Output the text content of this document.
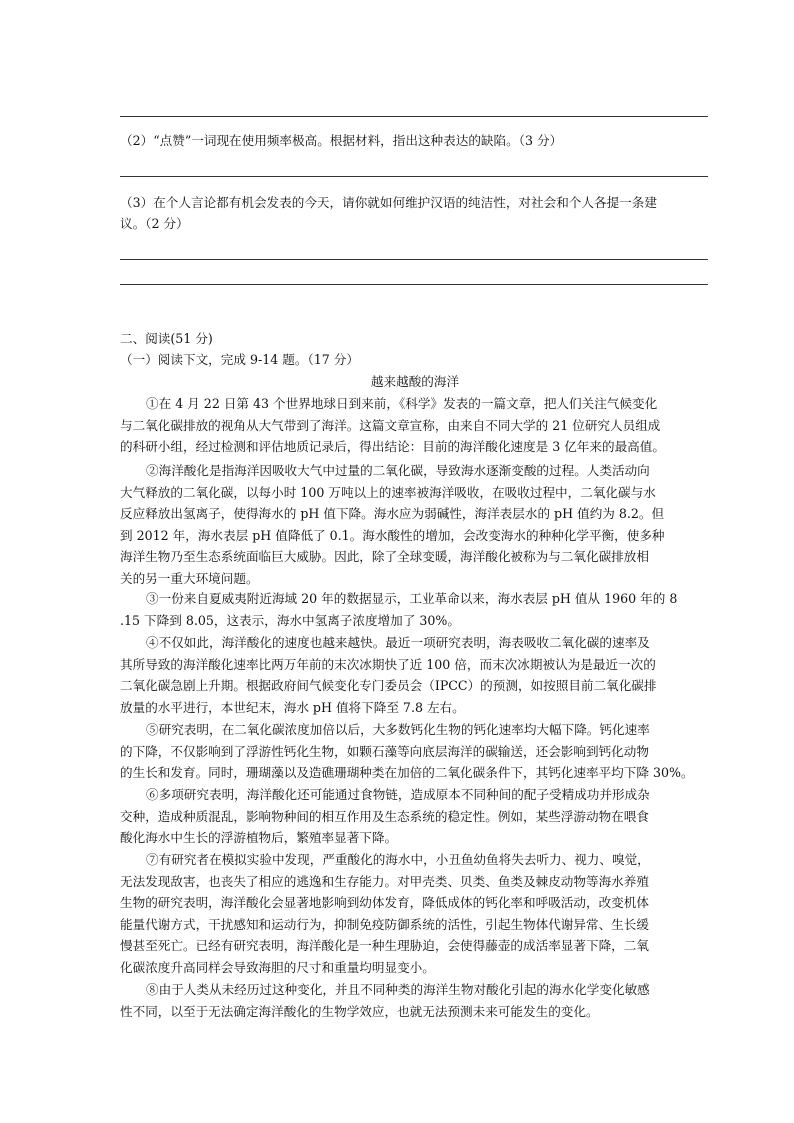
（2）“点赞”一词现在使用频率极高。根据材料，指出这种表达的缺陷。（3 分）
（3）在个人言论都有机会发表的今天，请你就如何维护汉语的纯洁性，对社会和个人各提一条建
议。（2 分）
二、阅读(51 分)
（一）阅读下文，完成 9-14 题。（17 分）
越来越酸的海洋
①在 4 月 22 日第 43 个世界地球日到来前，《科学》发表的一篇文章，把人们关注气候变化
与二氧化碳排放的视角从大气带到了海洋。这篇文章宣称，由来自不同大学的 21 位研究人员组成
的科研小组，经过检测和评估地质记录后，得出结论：目前的海洋酸化速度是 3 亿年来的最高值。
②海洋酸化是指海洋因吸收大气中过量的二氧化碳，导致海水逐渐变酸的过程。人类活动向
大气释放的二氧化碳，以每小时 100 万吨以上的速率被海洋吸收，在吸收过程中，二氧化碳与水
反应释放出氢离子，使得海水的 pH 值下降。海水应为弱碱性，海洋表层水的 pH 值约为 8.2。但
到 2012 年，海水表层 pH 值降低了 0.1。海水酸性的增加，会改变海水的种种化学平衡，使多种
海洋生物乃至生态系统面临巨大威胁。因此，除了全球变暖，海洋酸化被称为与二氧化碳排放相
关的另一重大环境问题。
③一份来自夏威夷附近海域 20 年的数据显示，工业革命以来，海水表层 pH 值从 1960 年的 8
.15 下降到 8.05，这表示，海水中氢离子浓度增加了 30%。
④不仅如此，海洋酸化的速度也越来越快。最近一项研究表明，海表吸收二氧化碳的速率及
其所导致的海洋酸化速率比两万年前的末次冰期快了近 100 倍，而末次冰期被认为是最近一次的
二氧化碳急剧上升期。根据政府间气候变化专门委员会（IPCC）的预测，如按照目前二氧化碳排
放量的水平进行，本世纪末，海水 pH 值将下降至 7.8 左右。
⑤研究表明，在二氧化碳浓度加倍以后，大多数钙化生物的钙化速率均大幅下降。钙化速率
的下降，不仅影响到了浮游性钙化生物，如颗石藻等向底层海洋的碳输送，还会影响到钙化动物
的生长和发育。同时，珊瑚藻以及造礁珊瑚种类在加倍的二氧化碳条件下，其钙化速率平均下降 30%。
⑥多项研究表明，海洋酸化还可能通过食物链，造成原本不同种间的配子受精成功并形成杂
交种，造成种质混乱，影响物种间的相互作用及生态系统的稳定性。例如，某些浮游动物在喂食
酸化海水中生长的浮游植物后，繁殖率显著下降。
⑦有研究者在模拟实验中发现，严重酸化的海水中，小丑鱼幼鱼将失去听力、视力、嗅觉，
无法发现敌害，也丧失了相应的逃逸和生存能力。对甲壳类、贝类、鱼类及棘皮动物等海水养殖
生物的研究表明，海洋酸化会显著地影响到幼体发育，降低成体的钙化率和呼吸活动，改变机体
能量代谢方式，干扰感知和运动行为，抑制免疫防御系统的活性，引起生物体代谢异常、生长缓
慢甚至死亡。已经有研究表明，海洋酸化是一种生理胁迫，会使得藤壶的成活率显著下降，二氧
化碳浓度升高同样会导致海胆的尺寸和重量均明显变小。
⑧由于人类从未经历过这种变化，并且不同种类的海洋生物对酸化引起的海水化学变化敏感
性不同，以至于无法确定海洋酸化的生物学效应，也就无法预测未来可能发生的变化。
